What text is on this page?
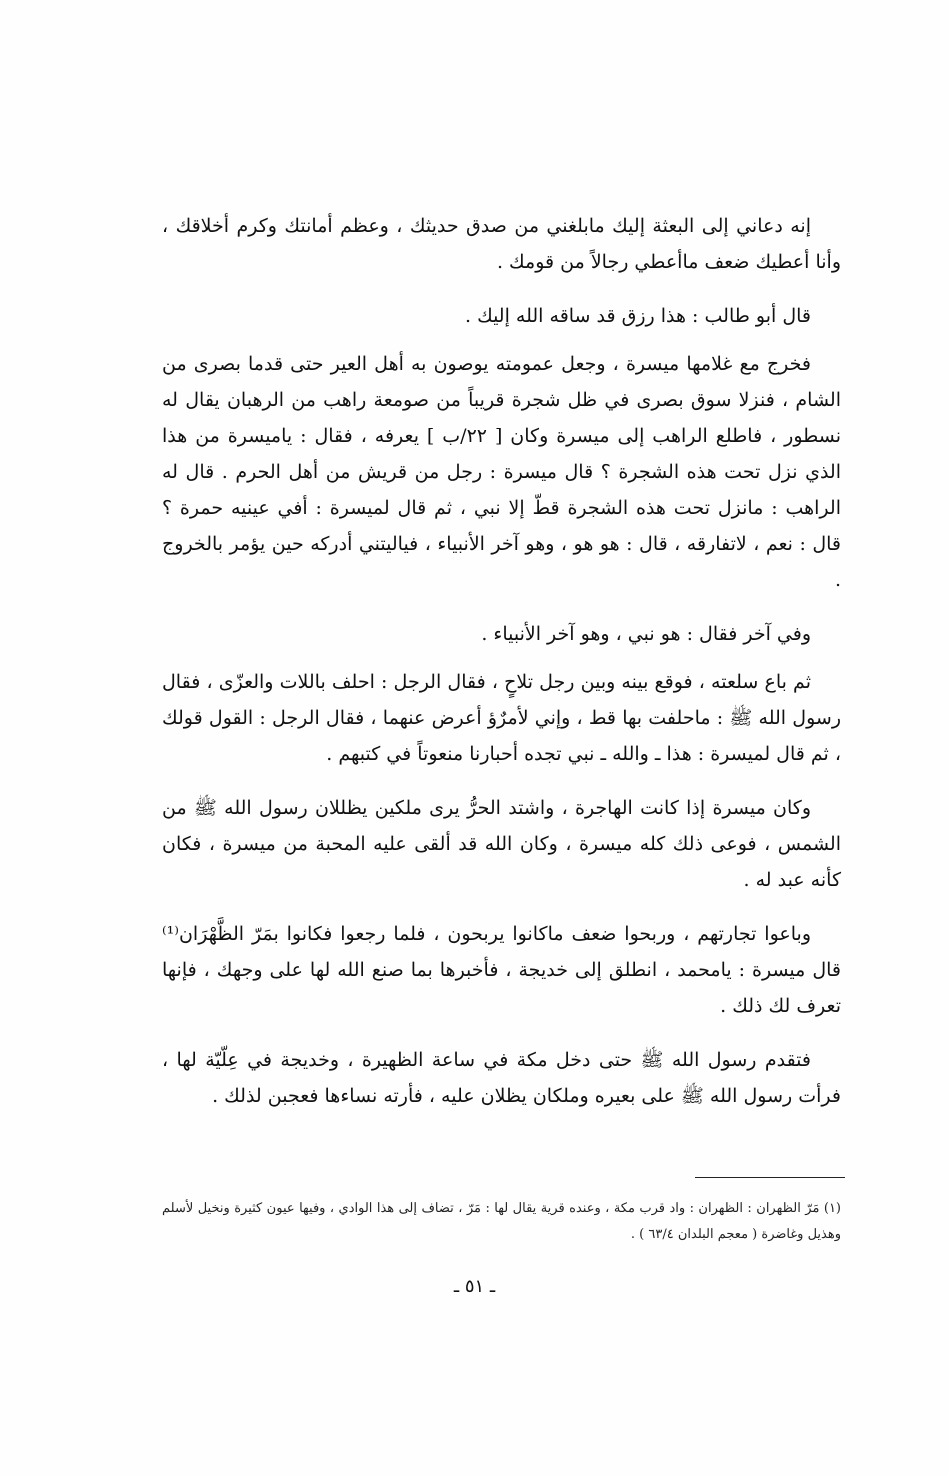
إنه دعاني إلى البعثة إليك مابلغني من صدق حديثك ، وعظم أمانتك وكرم أخلاقك ، وأنا أعطيك ضعف ماأعطي رجالاً من قومك .

قال أبو طالب : هذا رزق قد ساقه الله إليك .

فخرج مع غلامها ميسرة ، وجعل عمومته يوصون به أهل العير حتى قدما بصرى من الشام ، فنزلا سوق بصرى في ظل شجرة قريباً من صومعة راهب من الرهبان يقال له نسطور ، فاطلع الراهب إلى ميسرة وكان [ ٢٢/ب ] يعرفه ، فقال : ياميسرة من هذا الذي نزل تحت هذه الشجرة ؟ قال ميسرة : رجل من قريش من أهل الحرم . قال له الراهب : مانزل تحت هذه الشجرة قطّ إلا نبي ، ثم قال لميسرة : أفي عينيه حمرة ؟ قال : نعم ، لاتفارقه ، قال : هو هو ، وهو آخر الأنبياء ، فياليتني أدركه حين يؤمر بالخروج .

وفي آخر فقال : هو نبي ، وهو آخر الأنبياء .

ثم باع سلعته ، فوقع بينه وبين رجل تلاحٍ ، فقال الرجل : احلف باللات والعزّى ، فقال رسول الله ﷺ : ماحلفت بها قط ، وإني لأمرٌؤ أعرض عنهما ، فقال الرجل : القول قولك ، ثم قال لميسرة : هذا ـ والله ـ نبي تجده أحبارنا منعوتاً في كتبهم .

وكان ميسرة إذا كانت الهاجرة ، واشتد الحرُّ يرى ملكين يظللان رسول الله ﷺ من الشمس ، فوعى ذلك كله ميسرة ، وكان الله قد ألقى عليه المحبة من ميسرة ، فكان كأنه عبد له .

وباعوا تجارتهم ، وربحوا ضعف ماكانوا يربحون ، فلما رجعوا فكانوا بمَرّ الظَّهْرَان⁽¹⁾ قال ميسرة : يامحمد ، انطلق إلى خديجة ، فأخبرها بما صنع الله لها على وجهك ، فإنها تعرف لك ذلك .

فتقدم رسول الله ﷺ حتى دخل مكة في ساعة الظهيرة ، وخديجة في عِلّيّة لها ، فرأت رسول الله ﷺ على بعيره وملكان يظلان عليه ، فأرته نساءها فعجبن لذلك .

(١) مَرّ الظهران : الظهران : واد قرب مكة ، وعنده قرية يقال لها : مَرّ ، تضاف إلى هذا الوادي ، وفيها عيون كثيرة ونخيل لأسلم وهذيل وغاضرة ( معجم البلدان ٦٣/٤ ) .

ـ ٥١ ـ
